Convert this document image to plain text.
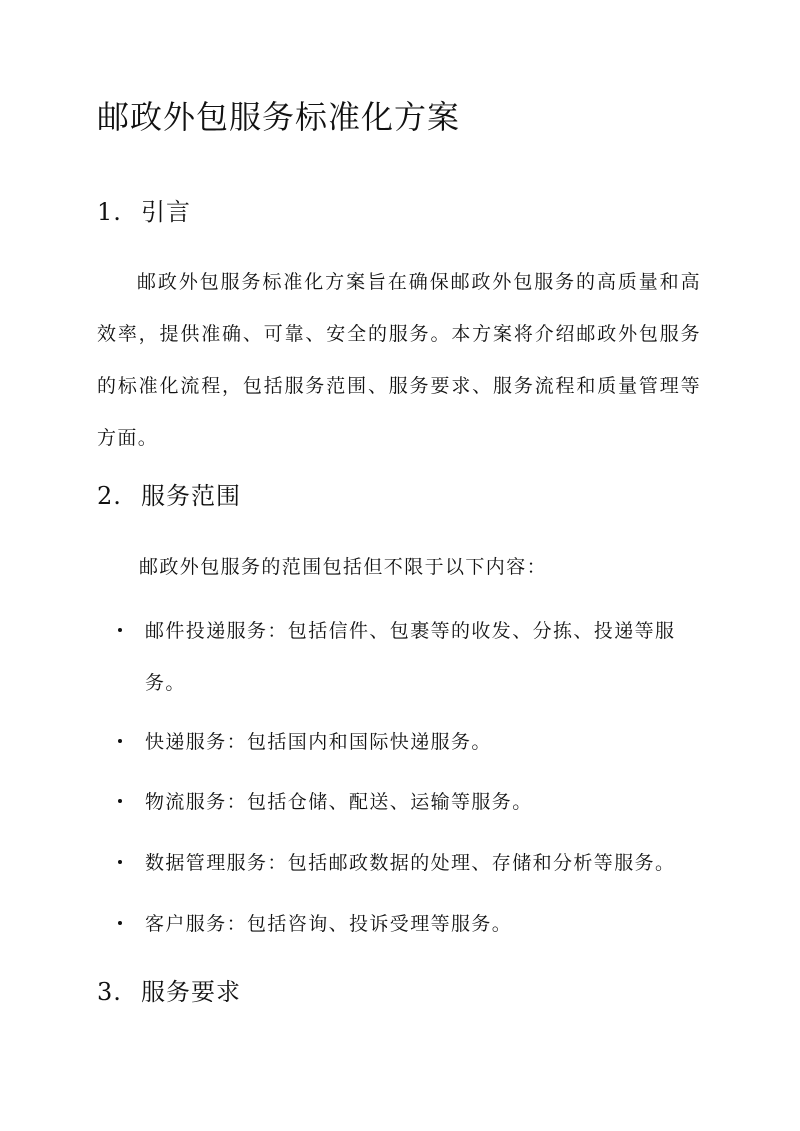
邮政外包服务标准化方案
1. 引言

邮政外包服务标准化方案旨在确保邮政外包服务的高质量和高效率，提供准确、可靠、安全的服务。本方案将介绍邮政外包服务的标准化流程，包括服务范围、服务要求、服务流程和质量管理等方面。

2. 服务范围

邮政外包服务的范围包括但不限于以下内容：

邮件投递服务：包括信件、包裹等的收发、分拣、投递等服务。
快递服务：包括国内和国际快递服务。
物流服务：包括仓储、配送、运输等服务。
数据管理服务：包括邮政数据的处理、存储和分析等服务。
客户服务：包括咨询、投诉受理等服务。
3. 服务要求
